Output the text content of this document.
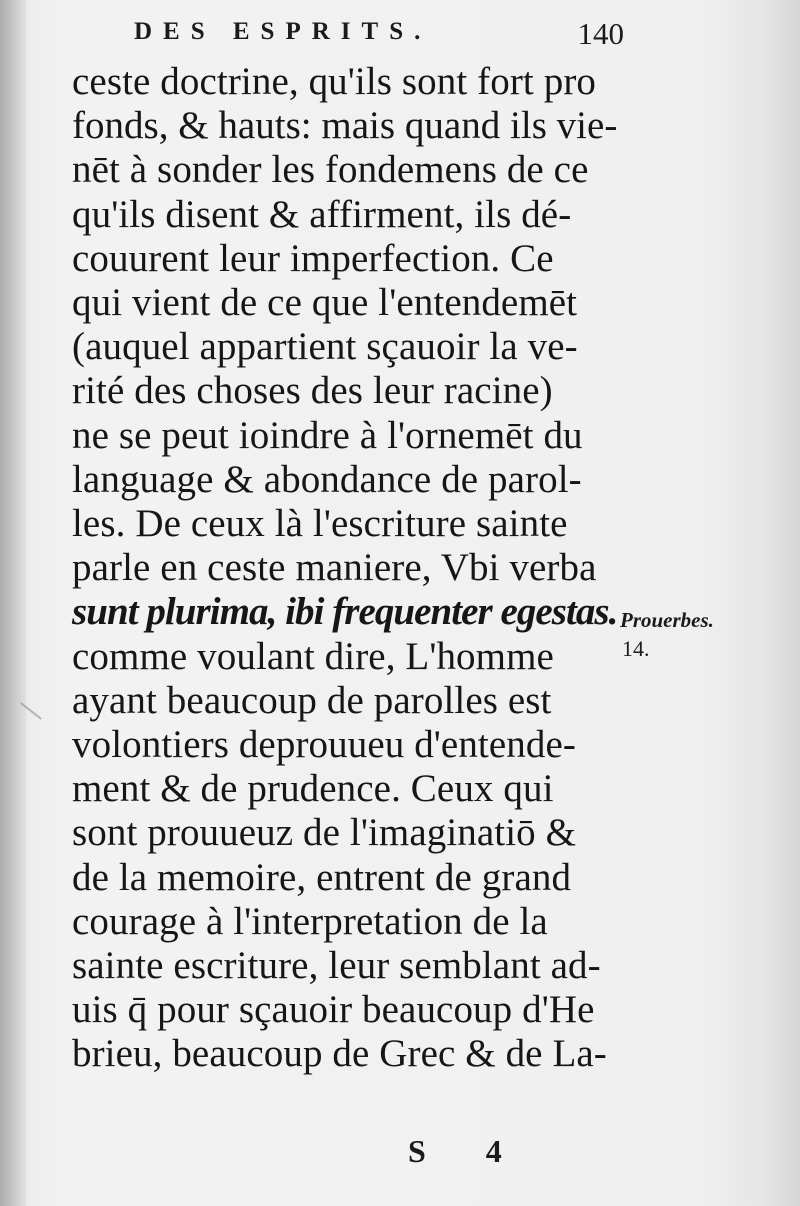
DES ESPRITS.	140
ceste doctrine, qu'ils sont fort pro
fonds, & hauts: mais quand ils vie-
nēt à sonder les fondemens de ce
qu'ils disent & affirment, ils dé-
couurent leur imperfection. Ce
qui vient de ce que l'entendemēt
(auquel appartient sçauoir la ve-
rité des choses des leur racine)
ne se peut ioindre à l'ornemēt du
language & abondance de parol-
les. De ceux là l'escriture sainte
parle en ceste maniere, Vbi verba
sunt plurima, ibi frequenter egestas.
comme voulant dire, L'homme
ayant beaucoup de parolles est
volontiers deprouueu d'entende-
ment & de prudence. Ceux qui
sont prouueuz de l'imaginatiō &
de la memoire, entrent de grand
courage à l'interpretation de la
sainte escriture, leur semblant ad-
uis q̄ pour sçauoir beaucoup d'He
brieu, beaucoup de Grec & de La-
Prouerbes.
14.
S 4
